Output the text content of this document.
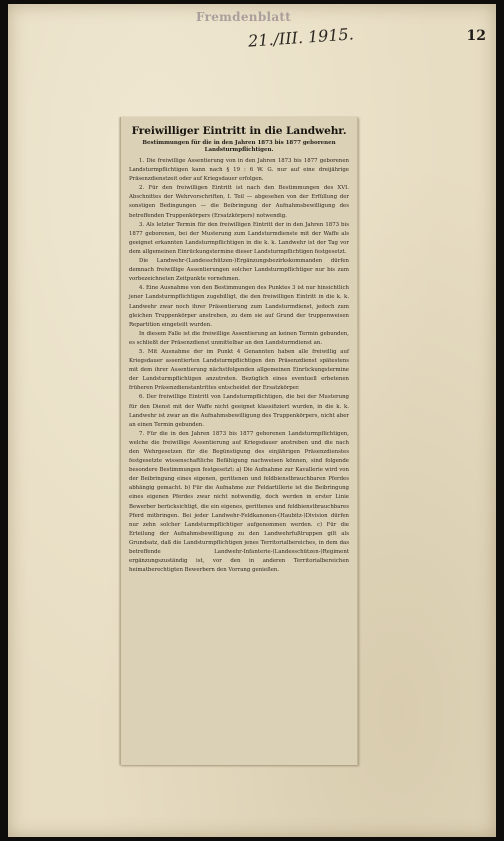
Fremdenblatt
21./III. 1915.	12
Freiwilliger Eintritt in die Landwehr.
Bestimmungen für die in den Jahren 1873 bis 1877 geborenen Landsturmpflichtigen.

1. Die freiwillige Assentierung von in den Jahren 1873 bis 1877 geborenen Landsturmpflichtigen kann nach § 19 : 6 W. G. nur auf eine dreijährige Präsenzdienstzeit oder auf Kriegsdauer erfolgen.

2. Für den freiwilligen Eintritt ist nach den Bestimmungen des XVI. Abschnittes der Wehrvorschriften, I. Teil — abgesehen von der Erfüllung der sonstigen Bedingungen — die Beibringung der Aufnahmsbewilligung des betreffenden Truppenkörpers (Ersatzkörpers) notwendig.

3. Als letzter Termin für den freiwilligen Eintritt der in den Jahren 1873 bis 1877 geborenen, bei der Musterung zum Landsturmdienste mit der Waffe als geeignet erkannten Landsturmpflichtigen in die k. k. Landwehr ist der Tag vor dem allgemeinen Einrückungstermine dieser Landsturmpflichtigen festgesetzt.

Die Landwehr-(Landesschützen-)Ergänzungsbezirkskommanden dürfen demnach freiwillige Assentierungen solcher Landsturmpflichtiger nur bis zum vorbezeichneten Zeitpunkte vornehmen.

4. Eine Ausnahme von den Bestimmungen des Punktes 3 ist nur hinsichtlich jener Landsturmpflichtigen zugebilligt, die den freiwilligen Eintritt in die k. k. Landwehr zwar noch ihrer Präsentierung zum Landsturmdienst, jedoch zum gleichen Truppenkörper anstreben, zu dem sie auf Grund der truppenweisen Repartition eingeteilt wurden.

In diesem Falle ist die freiwillige Assentierung an keinen Termin gebunden, es schließt der Präsenzdienst unmittelbar an den Landsturmdienst an.

5. Mit Ausnahme der im Punkt 4 Genannten haben alle freiwillig auf Kriegsdauer assentierten Landsturmpflichtigen den Präsenzdienst spätestens mit dem ihrer Assentierung nächstfolgenden allgemeinen Einrückungstermine der Landsturmpflichtigen anzutreten. Bezüglich eines eventuell erbetenen früheren Präsenzdienstantrittes entscheidet der Ersatzkörper.

6. Der freiwillige Eintritt von Landsturmpflichtigen, die bei der Musterung für den Dienst mit der Waffe nicht geeignet klassifiziert wurden, in die k. k. Landwehr ist zwar an die Aufnahmsbewilligung des Truppenkörpers, nicht aber an einen Termin gebunden.

7. Für die in den Jahren 1873 bis 1877 geborenen Landsturmpflichtigen, welche die freiwillige Assentierung auf Kriegsdauer anstreben und die nach den Wehrgesetzen für die Begünstigung des einjährigen Präsenzdienstes festgesetzte wissenschaftliche Befähigung nachweisen können, sind folgende besondere Bestimmungen festgesetzt: a) Die Aufnahme zur Kavallerie wird von der Beibringung eines eigenen, gerittenen und feldbienstbrauchbaren Pferdes abhängig gemacht. b) Für die Aufnahme zur Feldartillerie ist die Beibringung eines eigenen Pferdes zwar nicht notwendig, doch werden in erster Linie Bewerber berücksichtigt, die ein eigenes, gerittenes und feldbienstbrauchbares Pferd mitbringen. Bei jeder Landwehr-Feldkanonen-(Haubitz-)Division dürfen nur zehn solcher Landsturmpflichtiger aufgenommen werden. c) Für die Erteilung der Aufnahmsbewilligung zu den Landwehrfußtruppen gilt als Grundsatz, daß die Landsturmpflichtigen jenes Territorialbereiches, in dem das betreffende Landwehr-Infanterie-(Landesschützen-)Regiment ergänzungszuständig ist, vor den in anderen Territorialbereichen heimatberechtigten Bewerbern den Vorrang genießen.
